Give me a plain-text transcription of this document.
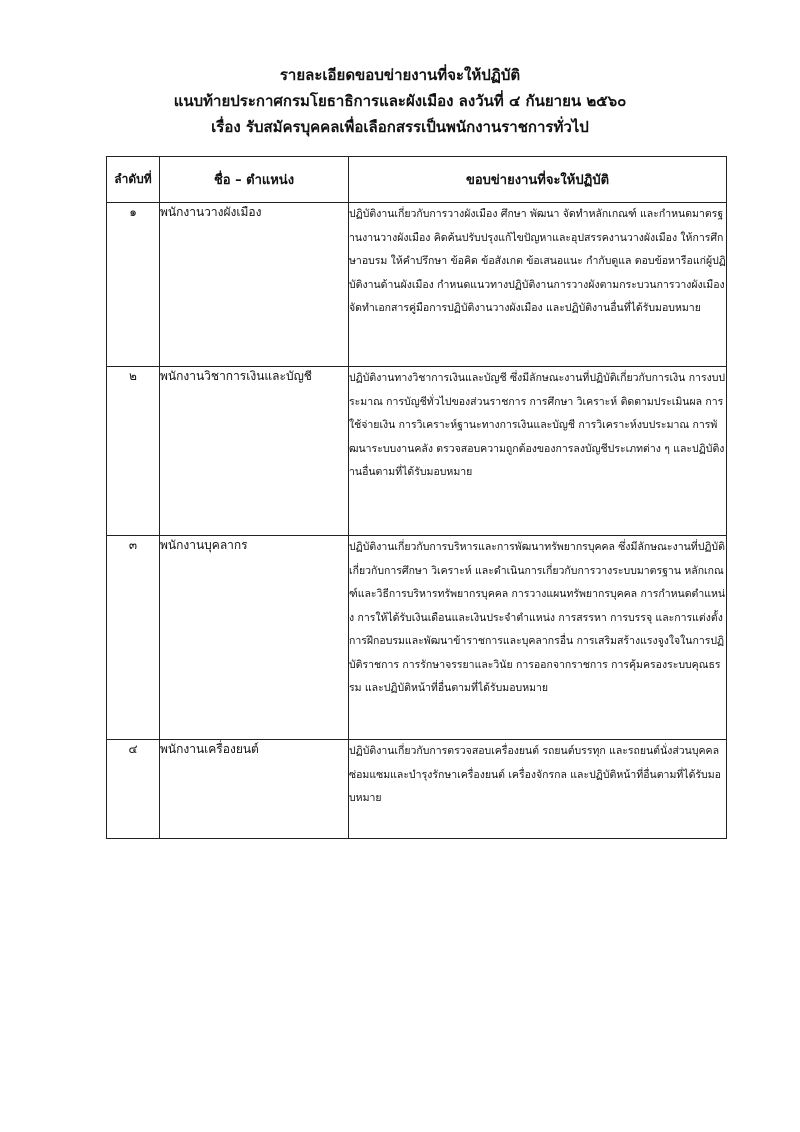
รายละเอียดขอบข่ายงานที่จะให้ปฏิบัติ
แนบท้ายประกาศกรมโยธาธิการและผังเมือง ลงวันที่ ๔ กันยายน ๒๕๖๐
เรื่อง รับสมัครบุคคลเพื่อเลือกสรรเป็นพนักงานราชการทั่วไป
ลำดับที่	ชื่อ – ตำแหน่ง	ขอบข่ายงานที่จะให้ปฏิบัติ
๑	พนักงานวางผังเมือง	ปฏิบัติงานเกี่ยวกับการวางผังเมือง ศึกษา พัฒนา จัดทำหลักเกณฑ์ และกำหนดมาตรฐานงานวางผังเมือง คิดค้นปรับปรุงแก้ไขปัญหาและอุปสรรคงานวางผังเมือง ให้การศึกษาอบรม ให้คำปรึกษา ข้อคิด ข้อสังเกต ข้อเสนอแนะ กำกับดูแล ตอบข้อหารือแก่ผู้ปฏิบัติงานด้านผังเมือง กำหนดแนวทางปฏิบัติงานการวางผังตามกระบวนการวางผังเมือง จัดทำเอกสารคู่มือการปฏิบัติงานวางผังเมือง และปฏิบัติงานอื่นที่ได้รับมอบหมาย
๒	พนักงานวิชาการเงินและบัญชี	ปฏิบัติงานทางวิชาการเงินและบัญชี ซึ่งมีลักษณะงานที่ปฏิบัติเกี่ยวกับการเงิน การงบประมาณ การบัญชีทั่วไปของส่วนราชการ การศึกษา วิเคราะห์ ติดตามประเมินผล การใช้จ่ายเงิน การวิเคราะห์ฐานะทางการเงินและบัญชี การวิเคราะห์งบประมาณ การพัฒนาระบบงานคลัง ตรวจสอบความถูกต้องของการลงบัญชีประเภทต่าง ๆ และปฏิบัติงานอื่นตามที่ได้รับมอบหมาย
๓	พนักงานบุคลากร	ปฏิบัติงานเกี่ยวกับการบริหารและการพัฒนาทรัพยากรบุคคล ซึ่งมีลักษณะงานที่ปฏิบัติเกี่ยวกับการศึกษา วิเคราะห์ และดำเนินการเกี่ยวกับการวางระบบมาตรฐาน หลักเกณฑ์และวิธีการบริหารทรัพยากรบุคคล การวางแผนทรัพยากรบุคคล การกำหนดตำแหน่ง การให้ได้รับเงินเดือนและเงินประจำตำแหน่ง การสรรหา การบรรจุ และการแต่งตั้ง การฝึกอบรมและพัฒนาข้าราชการและบุคลากรอื่น การเสริมสร้างแรงจูงใจในการปฏิบัติราชการ การรักษาจรรยาและวินัย การออกจากราชการ การคุ้มครองระบบคุณธรรม และปฏิบัติหน้าที่อื่นตามที่ได้รับมอบหมาย
๔	พนักงานเครื่องยนต์	ปฏิบัติงานเกี่ยวกับการตรวจสอบเครื่องยนต์ รถยนต์บรรทุก และรถยนต์นั่งส่วนบุคคล ซ่อมแซมและบำรุงรักษาเครื่องยนต์ เครื่องจักรกล และปฏิบัติหน้าที่อื่นตามที่ได้รับมอบหมาย
